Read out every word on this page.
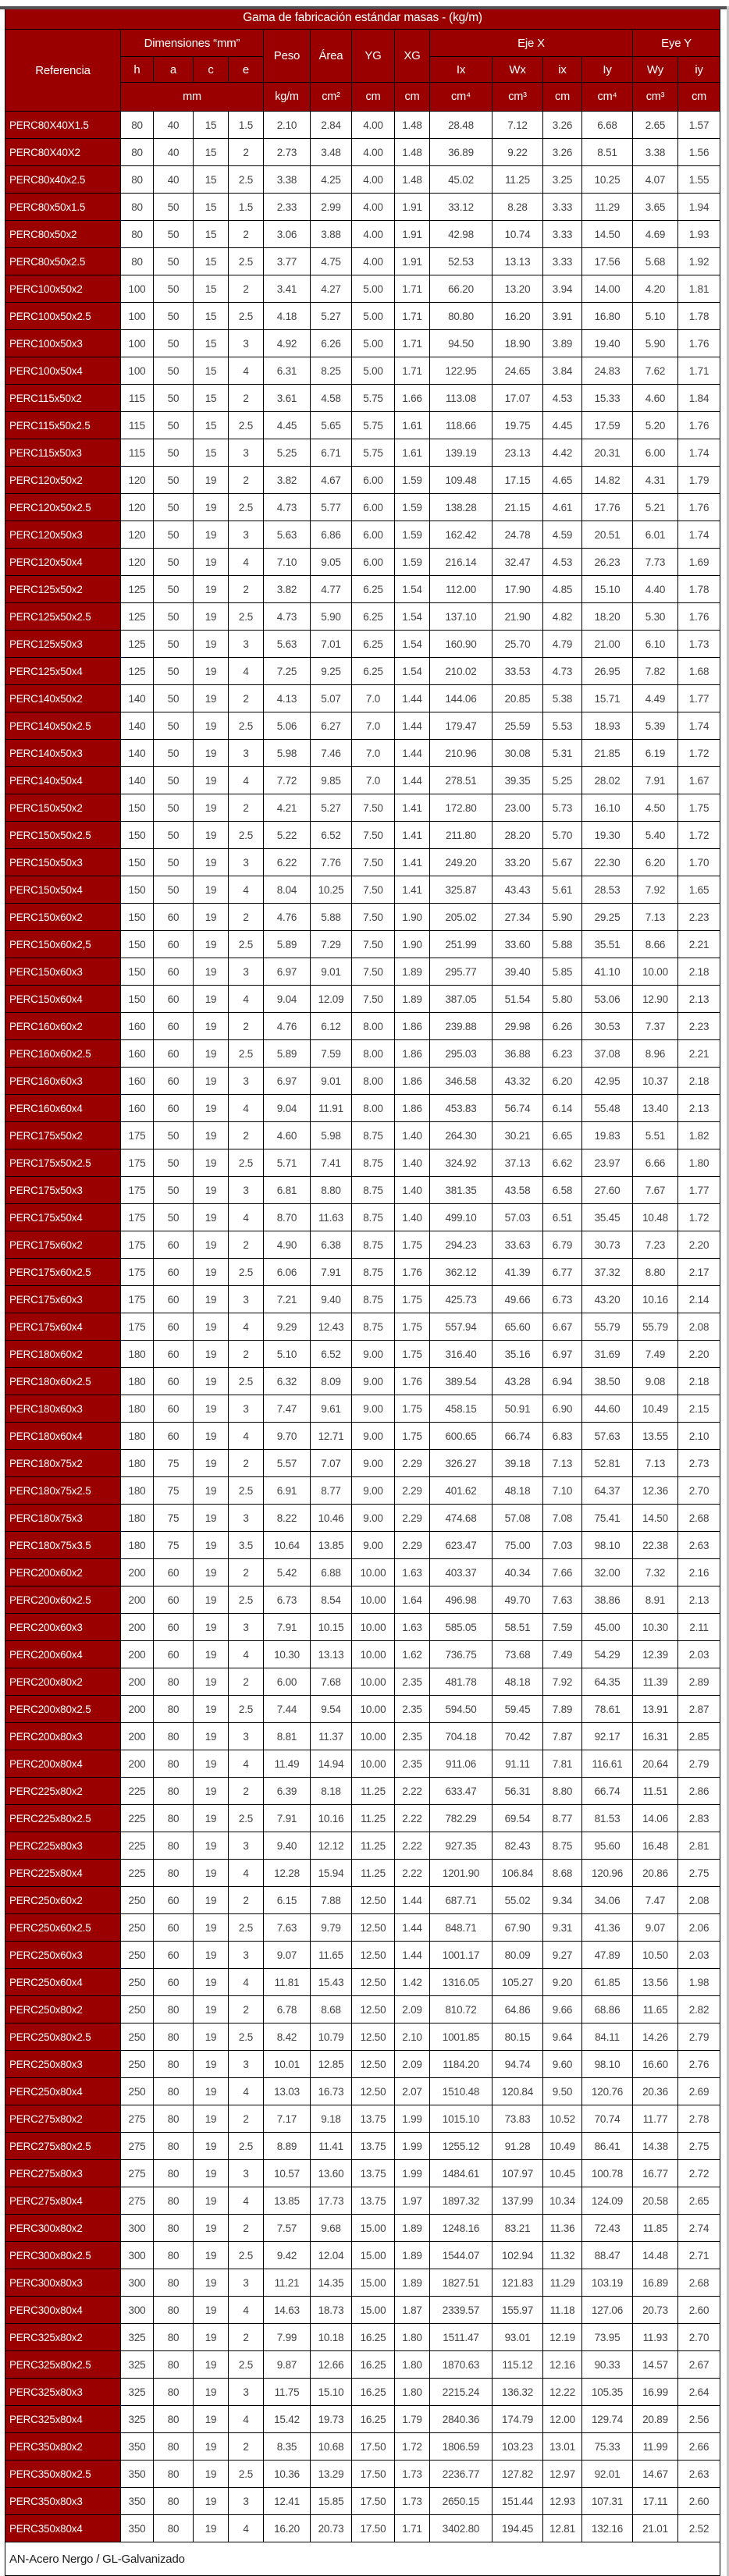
Gama de fabricación estándar masas - (kg/m)														
Referencia	Dimensiones “mm”				Peso	Área	YG	XG	Eje X				Eye Y	
	h	a	c	e					Ix	Wx	ix	Iy	Wy	iy
	mm				kg/m	cm²	cm	cm	cm⁴	cm³	cm	cm⁴	cm³	cm
PERC80X40X1.5	80	40	15	1.5	2.10	2.84	4.00	1.48	28.48	7.12	3.26	6.68	2.65	1.57
PERC80X40X2	80	40	15	2	2.73	3.48	4.00	1.48	36.89	9.22	3.26	8.51	3.38	1.56
PERC80x40x2.5	80	40	15	2.5	3.38	4.25	4.00	1.48	45.02	11.25	3.25	10.25	4.07	1.55
PERC80x50x1.5	80	50	15	1.5	2.33	2.99	4.00	1.91	33.12	8.28	3.33	11.29	3.65	1.94
PERC80x50x2	80	50	15	2	3.06	3.88	4.00	1.91	42.98	10.74	3.33	14.50	4.69	1.93
PERC80x50x2.5	80	50	15	2.5	3.77	4.75	4.00	1.91	52.53	13.13	3.33	17.56	5.68	1.92
PERC100x50x2	100	50	15	2	3.41	4.27	5.00	1.71	66.20	13.20	3.94	14.00	4.20	1.81
PERC100x50x2.5	100	50	15	2.5	4.18	5.27	5.00	1.71	80.80	16.20	3.91	16.80	5.10	1.78
PERC100x50x3	100	50	15	3	4.92	6.26	5.00	1.71	94.50	18.90	3.89	19.40	5.90	1.76
PERC100x50x4	100	50	15	4	6.31	8.25	5.00	1.71	122.95	24.65	3.84	24.83	7.62	1.71
PERC115x50x2	115	50	15	2	3.61	4.58	5.75	1.66	113.08	17.07	4.53	15.33	4.60	1.84
PERC115x50x2.5	115	50	15	2.5	4.45	5.65	5.75	1.61	118.66	19.75	4.45	17.59	5.20	1.76
PERC115x50x3	115	50	15	3	5.25	6.71	5.75	1.61	139.19	23.13	4.42	20.31	6.00	1.74
PERC120x50x2	120	50	19	2	3.82	4.67	6.00	1.59	109.48	17.15	4.65	14.82	4.31	1.79
PERC120x50x2.5	120	50	19	2.5	4.73	5.77	6.00	1.59	138.28	21.15	4.61	17.76	5.21	1.76
PERC120x50x3	120	50	19	3	5.63	6.86	6.00	1.59	162.42	24.78	4.59	20.51	6.01	1.74
PERC120x50x4	120	50	19	4	7.10	9.05	6.00	1.59	216.14	32.47	4.53	26.23	7.73	1.69
PERC125x50x2	125	50	19	2	3.82	4.77	6.25	1.54	112.00	17.90	4.85	15.10	4.40	1.78
PERC125x50x2.5	125	50	19	2.5	4.73	5.90	6.25	1.54	137.10	21.90	4.82	18.20	5.30	1.76
PERC125x50x3	125	50	19	3	5.63	7.01	6.25	1.54	160.90	25.70	4.79	21.00	6.10	1.73
PERC125x50x4	125	50	19	4	7.25	9.25	6.25	1.54	210.02	33.53	4.73	26.95	7.82	1.68
PERC140x50x2	140	50	19	2	4.13	5.07	7.0	1.44	144.06	20.85	5.38	15.71	4.49	1.77
PERC140x50x2.5	140	50	19	2.5	5.06	6.27	7.0	1.44	179.47	25.59	5.53	18.93	5.39	1.74
PERC140x50x3	140	50	19	3	5.98	7.46	7.0	1.44	210.96	30.08	5.31	21.85	6.19	1.72
PERC140x50x4	140	50	19	4	7.72	9.85	7.0	1.44	278.51	39.35	5.25	28.02	7.91	1.67
PERC150x50x2	150	50	19	2	4.21	5.27	7.50	1.41	172.80	23.00	5.73	16.10	4.50	1.75
PERC150x50x2.5	150	50	19	2.5	5.22	6.52	7.50	1.41	211.80	28.20	5.70	19.30	5.40	1.72
PERC150x50x3	150	50	19	3	6.22	7.76	7.50	1.41	249.20	33.20	5.67	22.30	6.20	1.70
PERC150x50x4	150	50	19	4	8.04	10.25	7.50	1.41	325.87	43.43	5.61	28.53	7.92	1.65
PERC150x60x2	150	60	19	2	4.76	5.88	7.50	1.90	205.02	27.34	5.90	29.25	7.13	2.23
PERC150x60x2,5	150	60	19	2.5	5.89	7.29	7.50	1.90	251.99	33.60	5.88	35.51	8.66	2.21
PERC150x60x3	150	60	19	3	6.97	9.01	7.50	1.89	295.77	39.40	5.85	41.10	10.00	2.18
PERC150x60x4	150	60	19	4	9.04	12.09	7.50	1.89	387.05	51.54	5.80	53.06	12.90	2.13
PERC160x60x2	160	60	19	2	4.76	6.12	8.00	1.86	239.88	29.98	6.26	30.53	7.37	2.23
PERC160x60x2.5	160	60	19	2.5	5.89	7.59	8.00	1.86	295.03	36.88	6.23	37.08	8.96	2.21
PERC160x60x3	160	60	19	3	6.97	9.01	8.00	1.86	346.58	43.32	6.20	42.95	10.37	2.18
PERC160x60x4	160	60	19	4	9.04	11.91	8.00	1.86	453.83	56.74	6.14	55.48	13.40	2.13
PERC175x50x2	175	50	19	2	4.60	5.98	8.75	1.40	264.30	30.21	6.65	19.83	5.51	1.82
PERC175x50x2.5	175	50	19	2.5	5.71	7.41	8.75	1.40	324.92	37.13	6.62	23.97	6.66	1.80
PERC175x50x3	175	50	19	3	6.81	8.80	8.75	1.40	381.35	43.58	6.58	27.60	7.67	1.77
PERC175x50x4	175	50	19	4	8.70	11.63	8.75	1.40	499.10	57.03	6.51	35.45	10.48	1.72
PERC175x60x2	175	60	19	2	4.90	6.38	8.75	1.75	294.23	33.63	6.79	30.73	7.23	2.20
PERC175x60x2.5	175	60	19	2.5	6.06	7.91	8.75	1.76	362.12	41.39	6.77	37.32	8.80	2.17
PERC175x60x3	175	60	19	3	7.21	9.40	8.75	1.75	425.73	49.66	6.73	43.20	10.16	2.14
PERC175x60x4	175	60	19	4	9.29	12.43	8.75	1.75	557.94	65.60	6.67	55.79	55.79	2.08
PERC180x60x2	180	60	19	2	5.10	6.52	9.00	1.75	316.40	35.16	6.97	31.69	7.49	2.20
PERC180x60x2.5	180	60	19	2.5	6.32	8.09	9.00	1.76	389.54	43.28	6.94	38.50	9.08	2.18
PERC180x60x3	180	60	19	3	7.47	9.61	9.00	1.75	458.15	50.91	6.90	44.60	10.49	2.15
PERC180x60x4	180	60	19	4	9.70	12.71	9.00	1.75	600.65	66.74	6.83	57.63	13.55	2.10
PERC180x75x2	180	75	19	2	5.57	7.07	9.00	2.29	326.27	39.18	7.13	52.81	7.13	2.73
PERC180x75x2.5	180	75	19	2.5	6.91	8.77	9.00	2.29	401.62	48.18	7.10	64.37	12.36	2.70
PERC180x75x3	180	75	19	3	8.22	10.46	9.00	2.29	474.68	57.08	7.08	75.41	14.50	2.68
PERC180x75x3.5	180	75	19	3.5	10.64	13.85	9.00	2.29	623.47	75.00	7.03	98.10	22.38	2.63
PERC200x60x2	200	60	19	2	5.42	6.88	10.00	1.63	403.37	40.34	7.66	32.00	7.32	2.16
PERC200x60x2.5	200	60	19	2.5	6.73	8.54	10.00	1.64	496.98	49.70	7.63	38.86	8.91	2.13
PERC200x60x3	200	60	19	3	7.91	10.15	10.00	1.63	585.05	58.51	7.59	45.00	10.30	2.11
PERC200x60x4	200	60	19	4	10.30	13.13	10.00	1.62	736.75	73.68	7.49	54.29	12.39	2.03
PERC200x80x2	200	80	19	2	6.00	7.68	10.00	2.35	481.78	48.18	7.92	64.35	11.39	2.89
PERC200x80x2.5	200	80	19	2.5	7.44	9.54	10.00	2.35	594.50	59.45	7.89	78.61	13.91	2.87
PERC200x80x3	200	80	19	3	8.81	11.37	10.00	2.35	704.18	70.42	7.87	92.17	16.31	2.85
PERC200x80x4	200	80	19	4	11.49	14.94	10.00	2.35	911.06	91.11	7.81	116.61	20.64	2.79
PERC225x80x2	225	80	19	2	6.39	8.18	11.25	2.22	633.47	56.31	8.80	66.74	11.51	2.86
PERC225x80x2.5	225	80	19	2.5	7.91	10.16	11.25	2.22	782.29	69.54	8.77	81.53	14.06	2.83
PERC225x80x3	225	80	19	3	9.40	12.12	11.25	2.22	927.35	82.43	8.75	95.60	16.48	2.81
PERC225x80x4	225	80	19	4	12.28	15.94	11.25	2.22	1201.90	106.84	8.68	120.96	20.86	2.75
PERC250x60x2	250	60	19	2	6.15	7.88	12.50	1.44	687.71	55.02	9.34	34.06	7.47	2.08
PERC250x60x2.5	250	60	19	2.5	7.63	9.79	12.50	1.44	848.71	67.90	9.31	41.36	9.07	2.06
PERC250x60x3	250	60	19	3	9.07	11.65	12.50	1.44	1001.17	80.09	9.27	47.89	10.50	2.03
PERC250x60x4	250	60	19	4	11.81	15.43	12.50	1.42	1316.05	105.27	9.20	61.85	13.56	1.98
PERC250x80x2	250	80	19	2	6.78	8.68	12.50	2.09	810.72	64.86	9.66	68.86	11.65	2.82
PERC250x80x2.5	250	80	19	2.5	8.42	10.79	12.50	2.10	1001.85	80.15	9.64	84.11	14.26	2.79
PERC250x80x3	250	80	19	3	10.01	12.85	12.50	2.09	1184.20	94.74	9.60	98.10	16.60	2.76
PERC250x80x4	250	80	19	4	13.03	16.73	12.50	2.07	1510.48	120.84	9.50	120.76	20.36	2.69
PERC275x80x2	275	80	19	2	7.17	9.18	13.75	1.99	1015.10	73.83	10.52	70.74	11.77	2.78
PERC275x80x2.5	275	80	19	2.5	8.89	11.41	13.75	1.99	1255.12	91.28	10.49	86.41	14.38	2.75
PERC275x80x3	275	80	19	3	10.57	13.60	13.75	1.99	1484.61	107.97	10.45	100.78	16.77	2.72
PERC275x80x4	275	80	19	4	13.85	17.73	13.75	1.97	1897.32	137.99	10.34	124.09	20.58	2.65
PERC300x80x2	300	80	19	2	7.57	9.68	15.00	1.89	1248.16	83.21	11.36	72.43	11.85	2.74
PERC300x80x2.5	300	80	19	2.5	9.42	12.04	15.00	1.89	1544.07	102.94	11.32	88.47	14.48	2.71
PERC300x80x3	300	80	19	3	11.21	14.35	15.00	1.89	1827.51	121.83	11.29	103.19	16.89	2.68
PERC300x80x4	300	80	19	4	14.63	18.73	15.00	1.87	2339.57	155.97	11.18	127.06	20.73	2.60
PERC325x80x2	325	80	19	2	7.99	10.18	16.25	1.80	1511.47	93.01	12.19	73.95	11.93	2.70
PERC325x80x2.5	325	80	19	2.5	9.87	12.66	16.25	1.80	1870.63	115.12	12.16	90.33	14.57	2.67
PERC325x80x3	325	80	19	3	11.75	15.10	16.25	1.80	2215.24	136.32	12.22	105.35	16.99	2.64
PERC325x80x4	325	80	19	4	15.42	19.73	16.25	1.79	2840.36	174.79	12.00	129.74	20.89	2.56
PERC350x80x2	350	80	19	2	8.35	10.68	17.50	1.72	1806.59	103.23	13.01	75.33	11.99	2.66
PERC350x80x2.5	350	80	19	2.5	10.36	13.29	17.50	1.73	2236.77	127.82	12.97	92.01	14.67	2.63
PERC350x80x3	350	80	19	3	12.41	15.85	17.50	1.73	2650.15	151.44	12.93	107.31	17.11	2.60
PERC350x80x4	350	80	19	4	16.20	20.73	17.50	1.71	3402.80	194.45	12.81	132.16	21.01	2.52
AN-Acero Nergo / GL-Galvanizado														
